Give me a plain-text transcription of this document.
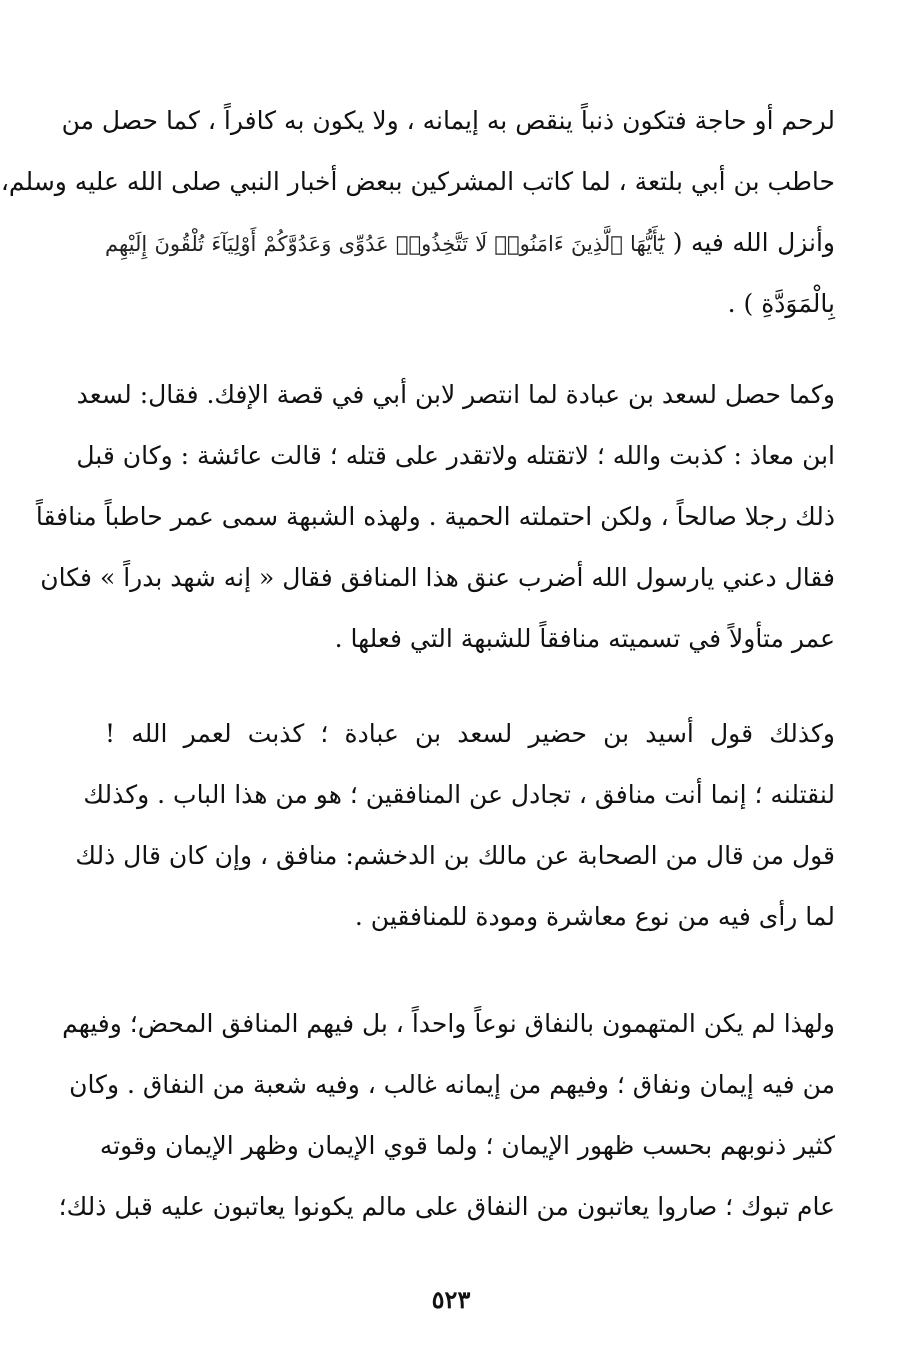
لرحم أو حاجة فتكون ذنباً ينقص به إيمانه ، ولا يكون به كافراً ، كما حصل من
حاطب بن أبي بلتعة ، لما كاتب المشركين ببعض أخبار النبي صلى الله عليه وسلم،
وأنزل الله فيه ( يَٰٓأَيُّهَا ٱلَّذِينَ ءَامَنُوا۟ لَا تَتَّخِذُوا۟ عَدُوِّى وَعَدُوَّكُمْ أَوْلِيَآءَ تُلْقُونَ إِلَيْهِم
بِالْمَوَدَّةِ ) .
وكما حصل لسعد بن عبادة لما انتصر لابن أبي في قصة الإفك. فقال: لسعد
ابن معاذ : كذبت والله ؛ لاتقتله ولاتقدر على قتله ؛ قالت عائشة : وكان قبل
ذلك رجلا صالحاً ، ولكن احتملته الحمية . ولهذه الشبهة سمى عمر حاطباً منافقاً
فقال دعني يارسول الله أضرب عنق هذا المنافق فقال « إنه شهد بدراً » فكان
عمر متأولاً في تسميته منافقاً للشبهة التي فعلها .
وكذلك قول أسيد بن حضير لسعد بن عبادة ؛ كذبت لعمر الله !
لنقتلنه ؛ إنما أنت منافق ، تجادل عن المنافقين ؛ هو من هذا الباب . وكذلك
قول من قال من الصحابة عن مالك بن الدخشم: منافق ، وإن كان قال ذلك
لما رأى فيه من نوع معاشرة ومودة للمنافقين .
ولهذا لم يكن المتهمون بالنفاق نوعاً واحداً ، بل فيهم المنافق المحض؛ وفيهم
من فيه إيمان ونفاق ؛ وفيهم من إيمانه غالب ، وفيه شعبة من النفاق . وكان
كثير ذنوبهم بحسب ظهور الإيمان ؛ ولما قوي الإيمان وظهر الإيمان وقوته
عام تبوك ؛ صاروا يعاتبون من النفاق على مالم يكونوا يعاتبون عليه قبل ذلك؛
٥٢٣
